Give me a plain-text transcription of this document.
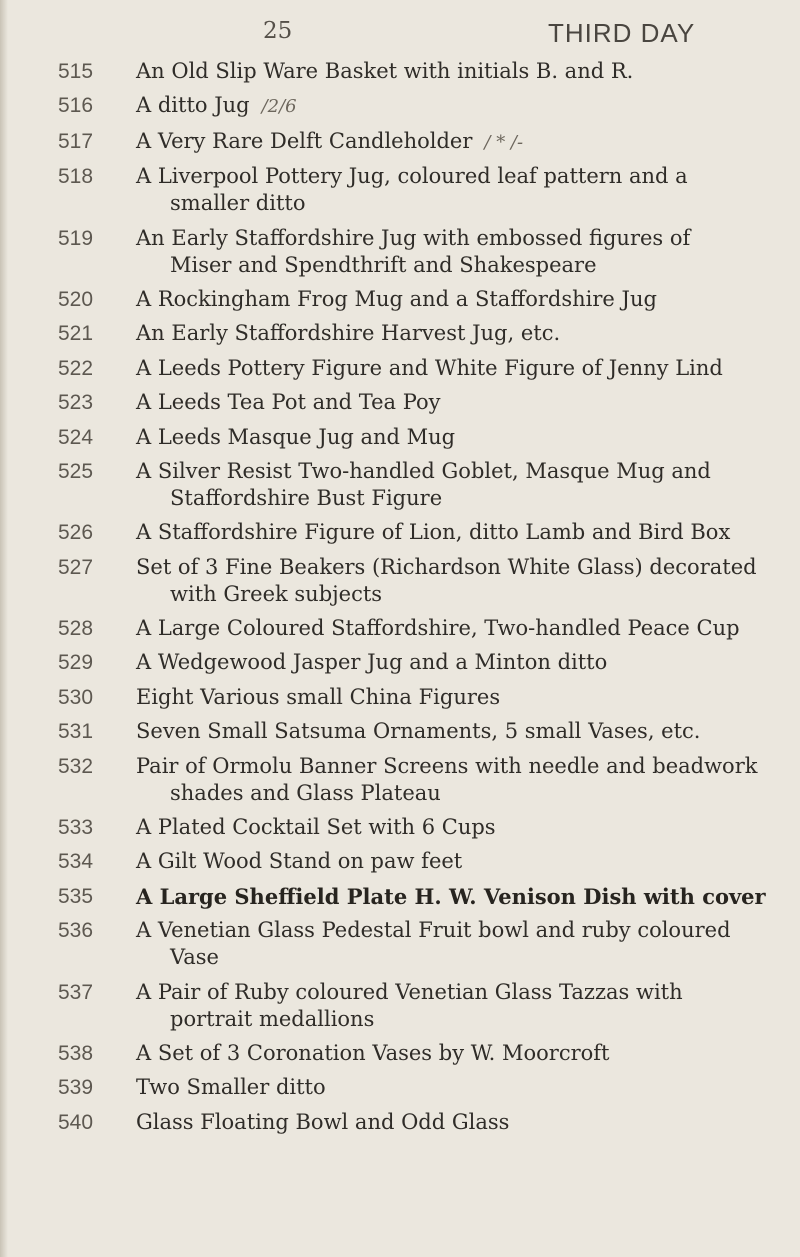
25	THIRD DAY
515	An Old Slip Ware Basket with initials B. and R.
516	A ditto Jug /2/6
517	A Very Rare Delft Candleholder / * /-
518	A Liverpool Pottery Jug, coloured leaf pattern and a
smaller ditto
519	An Early Staffordshire Jug with embossed figures of
Miser and Spendthrift and Shakespeare
520	A Rockingham Frog Mug and a Staffordshire Jug
521	An Early Staffordshire Harvest Jug, etc.
522	A Leeds Pottery Figure and White Figure of Jenny Lind
523	A Leeds Tea Pot and Tea Poy
524	A Leeds Masque Jug and Mug
525	A Silver Resist Two-handled Goblet, Masque Mug and
Staffordshire Bust Figure
526	A Staffordshire Figure of Lion, ditto Lamb and Bird Box
527	Set of 3 Fine Beakers (Richardson White Glass) decorated
with Greek subjects
528	A Large Coloured Staffordshire, Two-handled Peace Cup
529	A Wedgewood Jasper Jug and a Minton ditto
530	Eight Various small China Figures
531	Seven Small Satsuma Ornaments, 5 small Vases, etc.
532	Pair of Ormolu Banner Screens with needle and beadwork
shades and Glass Plateau
533	A Plated Cocktail Set with 6 Cups
534	A Gilt Wood Stand on paw feet
535	A Large Sheffield Plate H. W. Venison Dish with cover
536	A Venetian Glass Pedestal Fruit bowl and ruby coloured
Vase
537	A Pair of Ruby coloured Venetian Glass Tazzas with
portrait medallions
538	A Set of 3 Coronation Vases by W. Moorcroft
539	Two Smaller ditto
540	Glass Floating Bowl and Odd Glass
